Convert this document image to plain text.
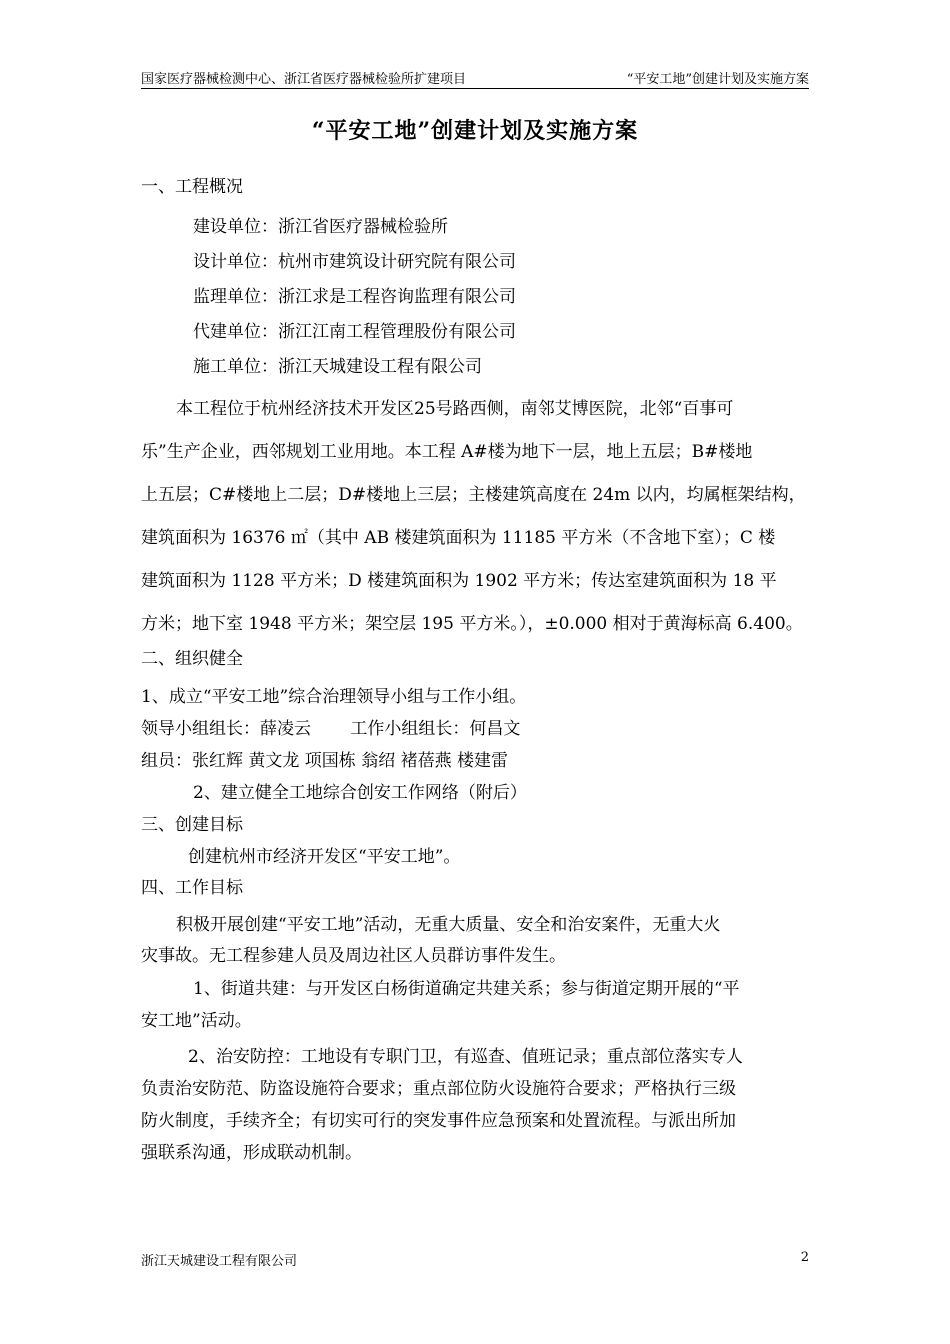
国家医疗器械检测中心、浙江省医疗器械检验所扩建项目	“平安工地”创建计划及实施方案
“平安工地”创建计划及实施方案
一、工程概况
建设单位：浙江省医疗器械检验所
设计单位：杭州市建筑设计研究院有限公司
监理单位：浙江求是工程咨询监理有限公司
代建单位：浙江江南工程管理股份有限公司
施工单位：浙江天城建设工程有限公司
本工程位于杭州经济技术开发区25号路西侧，南邻艾博医院，北邻“百事可
乐”生产企业，西邻规划工业用地。本工程 A#楼为地下一层，地上五层；B#楼地
上五层；C#楼地上二层；D#楼地上三层；主楼建筑高度在 24m 以内，均属框架结构，
建筑面积为 16376 ㎡（其中 AB 楼建筑面积为 11185 平方米（不含地下室）；C 楼
建筑面积为 1128 平方米；D 楼建筑面积为 1902 平方米；传达室建筑面积为 18 平
方米；地下室 1948 平方米；架空层 195 平方米。），±0.000 相对于黄海标高 6.400。
二、组织健全
1、成立“平安工地”综合治理领导小组与工作小组。
领导小组组长：薛凌云　　 工作小组组长：何昌文
组员：张红辉 黄文龙 项国栋 翁绍 褚蓓燕 楼建雷
2、建立健全工地综合创安工作网络（附后）
三、创建目标
创建杭州市经济开发区“平安工地”。
四、工作目标
积极开展创建“平安工地”活动，无重大质量、安全和治安案件，无重大火
灾事故。无工程参建人员及周边社区人员群访事件发生。
1、街道共建：与开发区白杨街道确定共建关系；参与街道定期开展的“平
安工地”活动。
2、治安防控：工地设有专职门卫，有巡查、值班记录；重点部位落实专人
负责治安防范、防盗设施符合要求；重点部位防火设施符合要求；严格执行三级
防火制度，手续齐全；有切实可行的突发事件应急预案和处置流程。与派出所加
强联系沟通，形成联动机制。
浙江天城建设工程有限公司	2
